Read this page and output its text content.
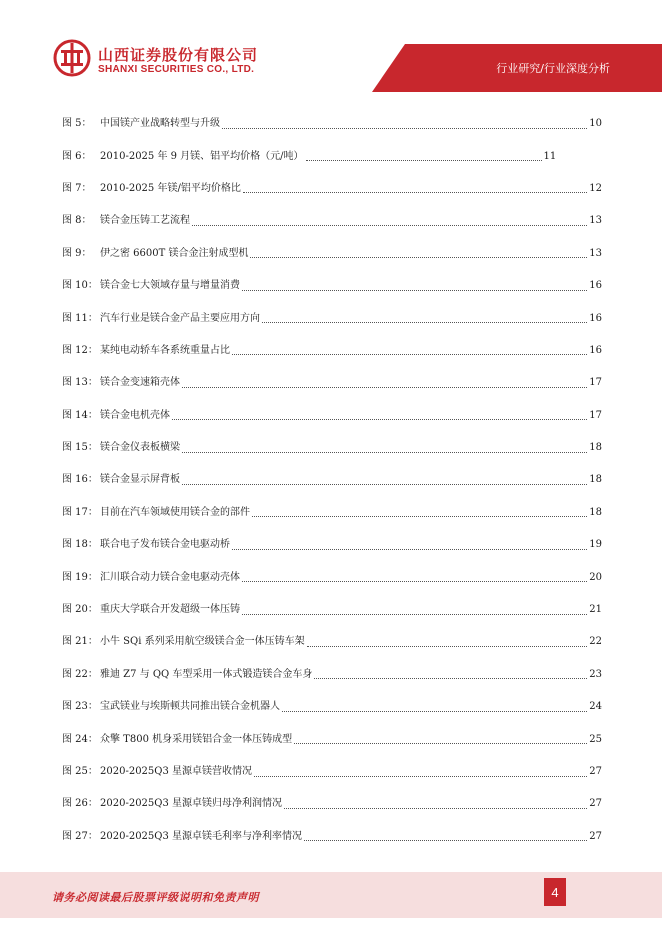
山西证券股份有限公司
SHANXI SECURITIES CO., LTD.	行业研究/行业深度分析
图 5： 中国镁产业战略转型与升级	10
图 6： 2010-2025 年 9 月镁、铝平均价格（元/吨）	11
图 7： 2010-2025 年镁/铝平均价格比	12
图 8： 镁合金压铸工艺流程	13
图 9： 伊之密 6600T 镁合金注射成型机	13
图 10： 镁合金七大领域存量与增量消费	16
图 11： 汽车行业是镁合金产品主要应用方向	16
图 12： 某纯电动轿车各系统重量占比	16
图 13： 镁合金变速箱壳体	17
图 14： 镁合金电机壳体	17
图 15： 镁合金仪表板横梁	18
图 16： 镁合金显示屏背板	18
图 17： 目前在汽车领域使用镁合金的部件	18
图 18： 联合电子发布镁合金电驱动桥	19
图 19： 汇川联合动力镁合金电驱动壳体	20
图 20： 重庆大学联合开发超级一体压铸	21
图 21： 小牛 SQi 系列采用航空级镁合金一体压铸车架	22
图 22： 雅迪 Z7 与 QQ 车型采用一体式锻造镁合金车身	23
图 23： 宝武镁业与埃斯顿共同推出镁合金机器人	24
图 24： 众擎 T800 机身采用镁铝合金一体压铸成型	25
图 25： 2020-2025Q3 星源卓镁营收情况	27
图 26： 2020-2025Q3 星源卓镁归母净利润情况	27
图 27： 2020-2025Q3 星源卓镁毛利率与净利率情况	27
请务必阅读最后股票评级说明和免责声明	4
